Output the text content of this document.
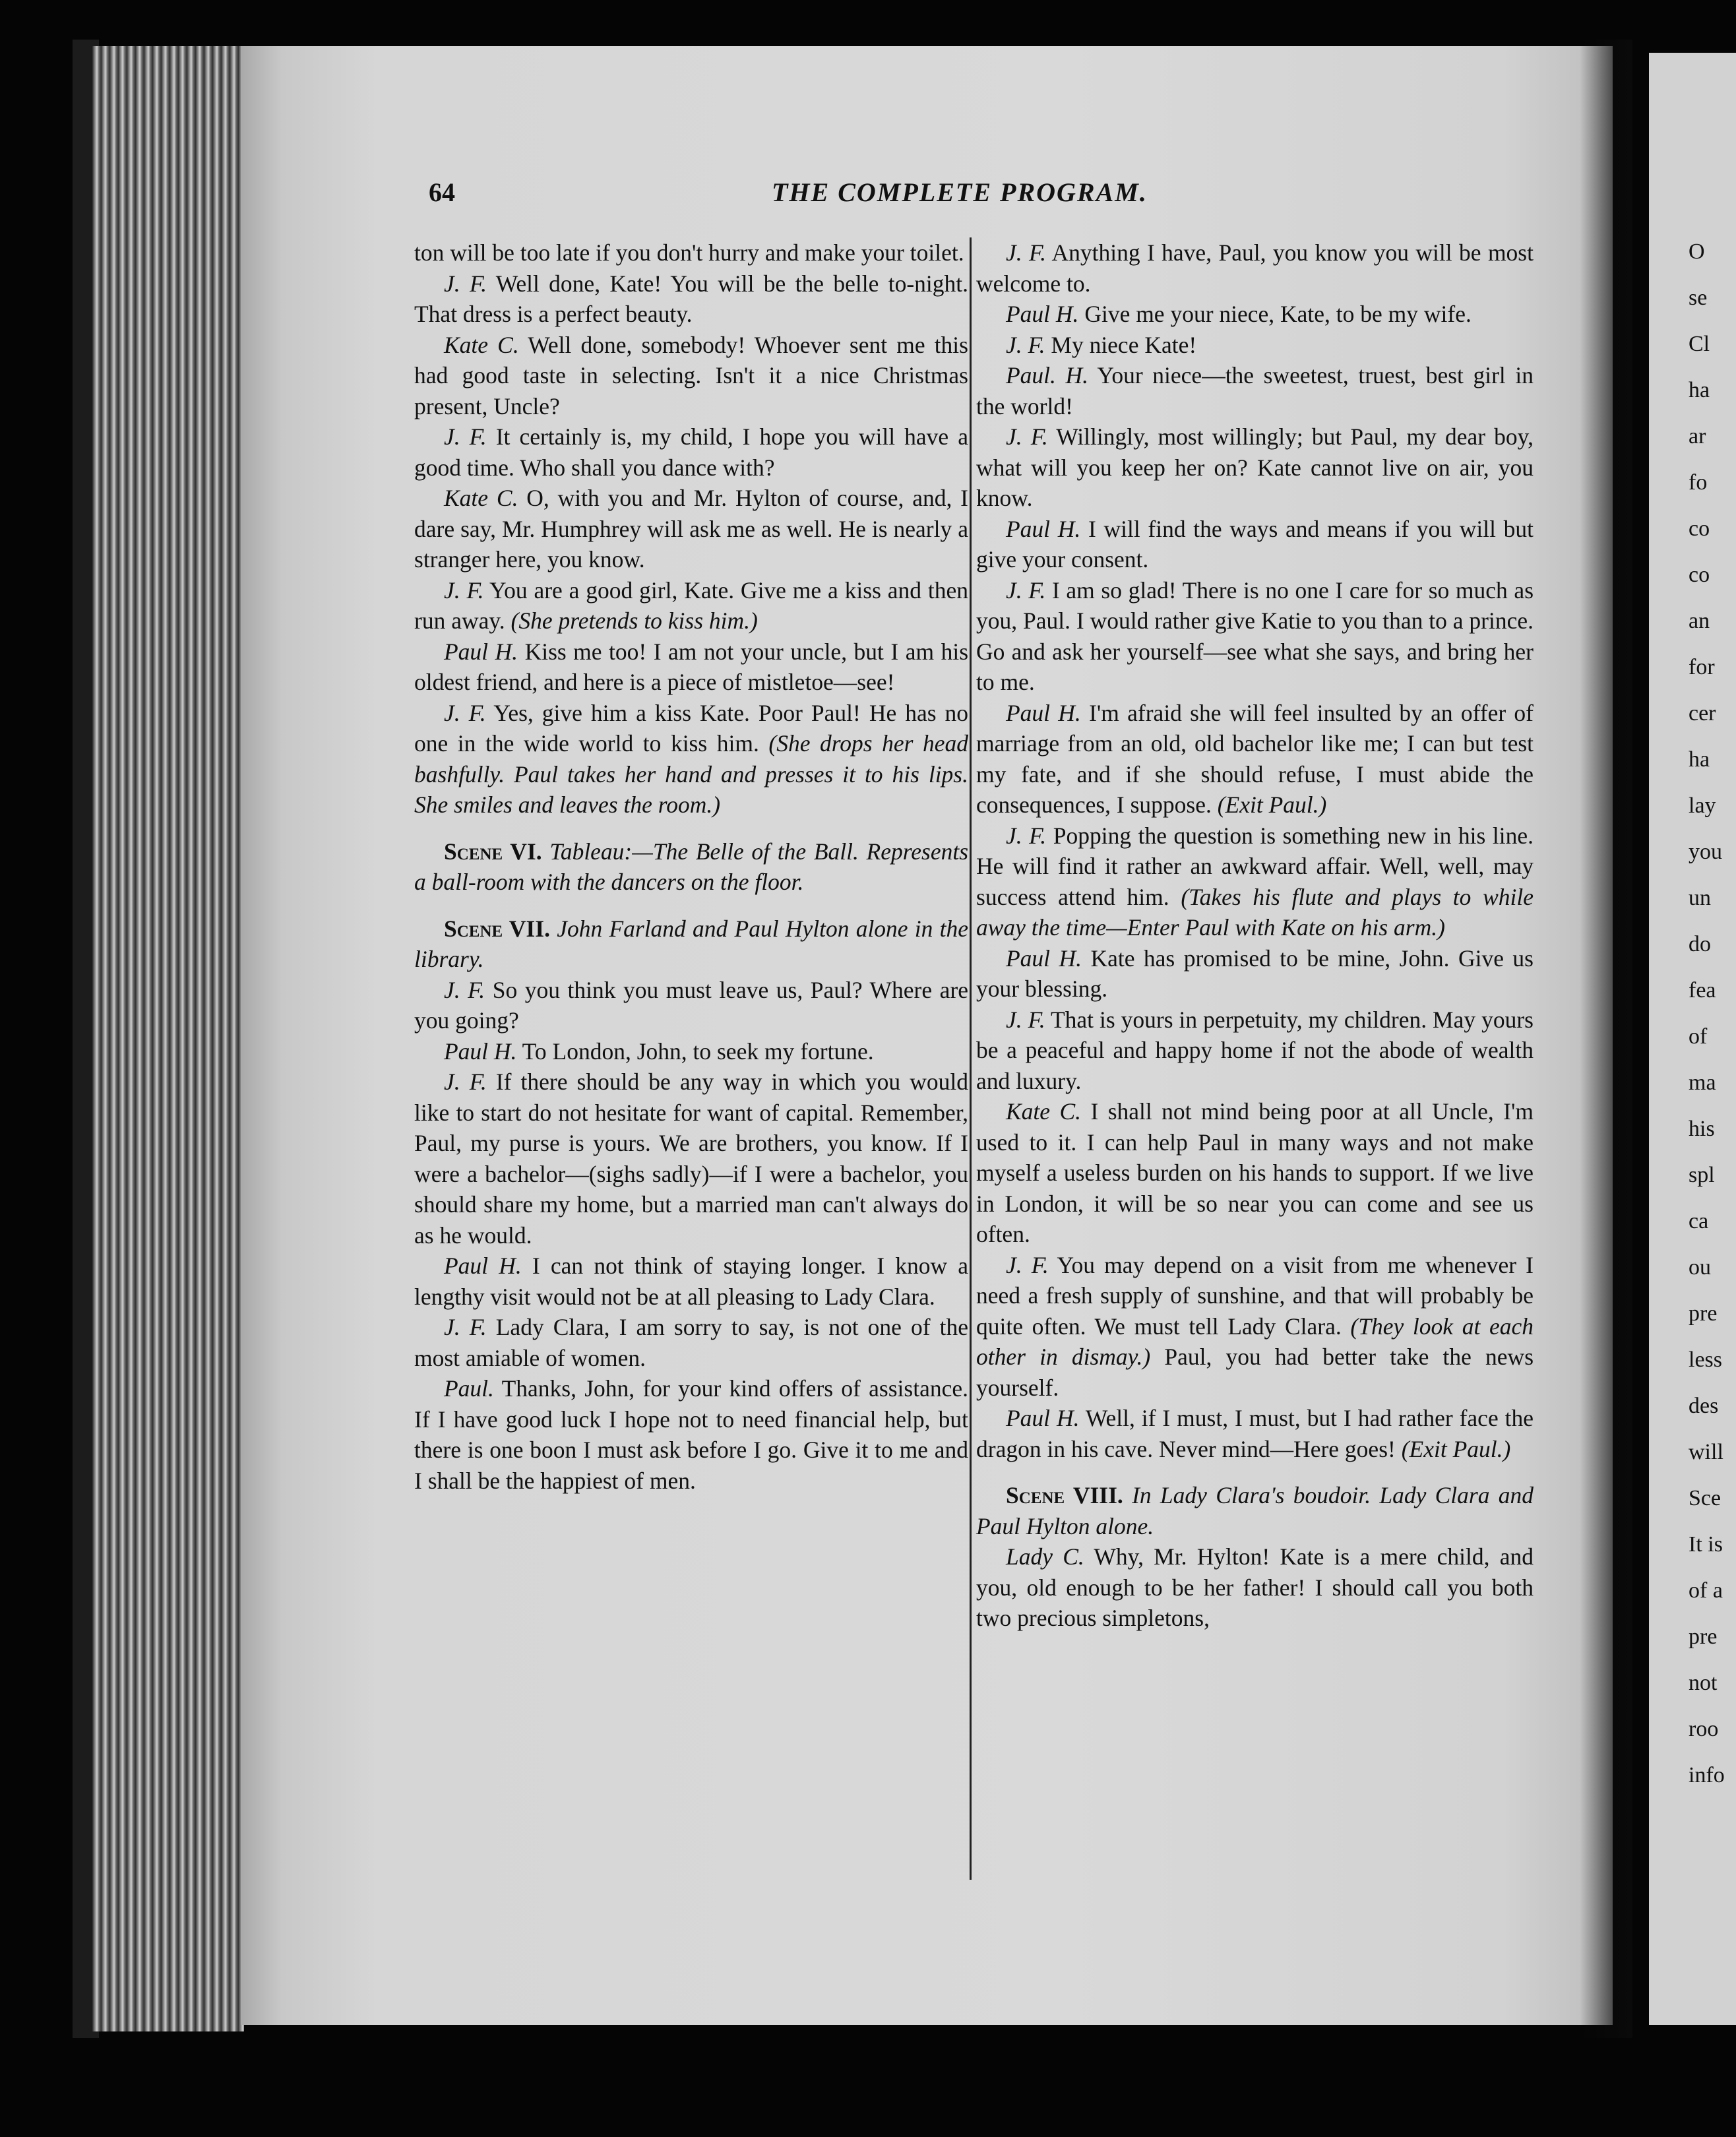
O
se
Cl
ha
ar
fo
co
co
an
for
cer
ha
lay
you
un
do
fea
of
ma
his
spl
ca
ou
pre
less
des
will
Sce
It is
of a
pre
not
roo
info
64	THE COMPLETE PROGRAM.

ton will be too late if you don't hurry and make your toilet.

J. F. Well done, Kate! You will be the belle to-night. That dress is a perfect beauty.

Kate C. Well done, somebody! Whoever sent me this had good taste in selecting. Isn't it a nice Christmas present, Uncle?

J. F. It certainly is, my child, I hope you will have a good time. Who shall you dance with?

Kate C. O, with you and Mr. Hylton of course, and, I dare say, Mr. Humphrey will ask me as well. He is nearly a stranger here, you know.

J. F. You are a good girl, Kate. Give me a kiss and then run away. (She pretends to kiss him.)

Paul H. Kiss me too! I am not your uncle, but I am his oldest friend, and here is a piece of mistletoe—see!

J. F. Yes, give him a kiss Kate. Poor Paul! He has no one in the wide world to kiss him. (She drops her head bashfully. Paul takes her hand and presses it to his lips. She smiles and leaves the room.)

Scene VI. Tableau:—The Belle of the Ball. Represents a ball-room with the dancers on the floor.

Scene VII. John Farland and Paul Hylton alone in the library.

J. F. So you think you must leave us, Paul? Where are you going?

Paul H. To London, John, to seek my fortune.

J. F. If there should be any way in which you would like to start do not hesitate for want of capital. Remember, Paul, my purse is yours. We are brothers, you know. If I were a bachelor—(sighs sadly)—if I were a bachelor, you should share my home, but a married man can't always do as he would.

Paul H. I can not think of staying longer. I know a lengthy visit would not be at all pleasing to Lady Clara.

J. F. Lady Clara, I am sorry to say, is not one of the most amiable of women.

Paul. Thanks, John, for your kind offers of assistance. If I have good luck I hope not to need financial help, but there is one boon I must ask before I go. Give it to me and I shall be the happiest of men.

J. F. Anything I have, Paul, you know you will be most welcome to.

Paul H. Give me your niece, Kate, to be my wife.

J. F. My niece Kate!

Paul. H. Your niece—the sweetest, truest, best girl in the world!

J. F. Willingly, most willingly; but Paul, my dear boy, what will you keep her on? Kate cannot live on air, you know.

Paul H. I will find the ways and means if you will but give your consent.

J. F. I am so glad! There is no one I care for so much as you, Paul. I would rather give Katie to you than to a prince. Go and ask her yourself—see what she says, and bring her to me.

Paul H. I'm afraid she will feel insulted by an offer of marriage from an old, old bachelor like me; I can but test my fate, and if she should refuse, I must abide the consequences, I suppose. (Exit Paul.)

J. F. Popping the question is something new in his line. He will find it rather an awkward affair. Well, well, may success attend him. (Takes his flute and plays to while away the time—Enter Paul with Kate on his arm.)

Paul H. Kate has promised to be mine, John. Give us your blessing.

J. F. That is yours in perpetuity, my children. May yours be a peaceful and happy home if not the abode of wealth and luxury.

Kate C. I shall not mind being poor at all Uncle, I'm used to it. I can help Paul in many ways and not make myself a useless burden on his hands to support. If we live in London, it will be so near you can come and see us often.

J. F. You may depend on a visit from me whenever I need a fresh supply of sunshine, and that will probably be quite often. We must tell Lady Clara. (They look at each other in dismay.) Paul, you had better take the news yourself.

Paul H. Well, if I must, I must, but I had rather face the dragon in his cave. Never mind—Here goes! (Exit Paul.)

Scene VIII. In Lady Clara's boudoir. Lady Clara and Paul Hylton alone.

Lady C. Why, Mr. Hylton! Kate is a mere child, and you, old enough to be her father! I should call you both two precious simpletons,
